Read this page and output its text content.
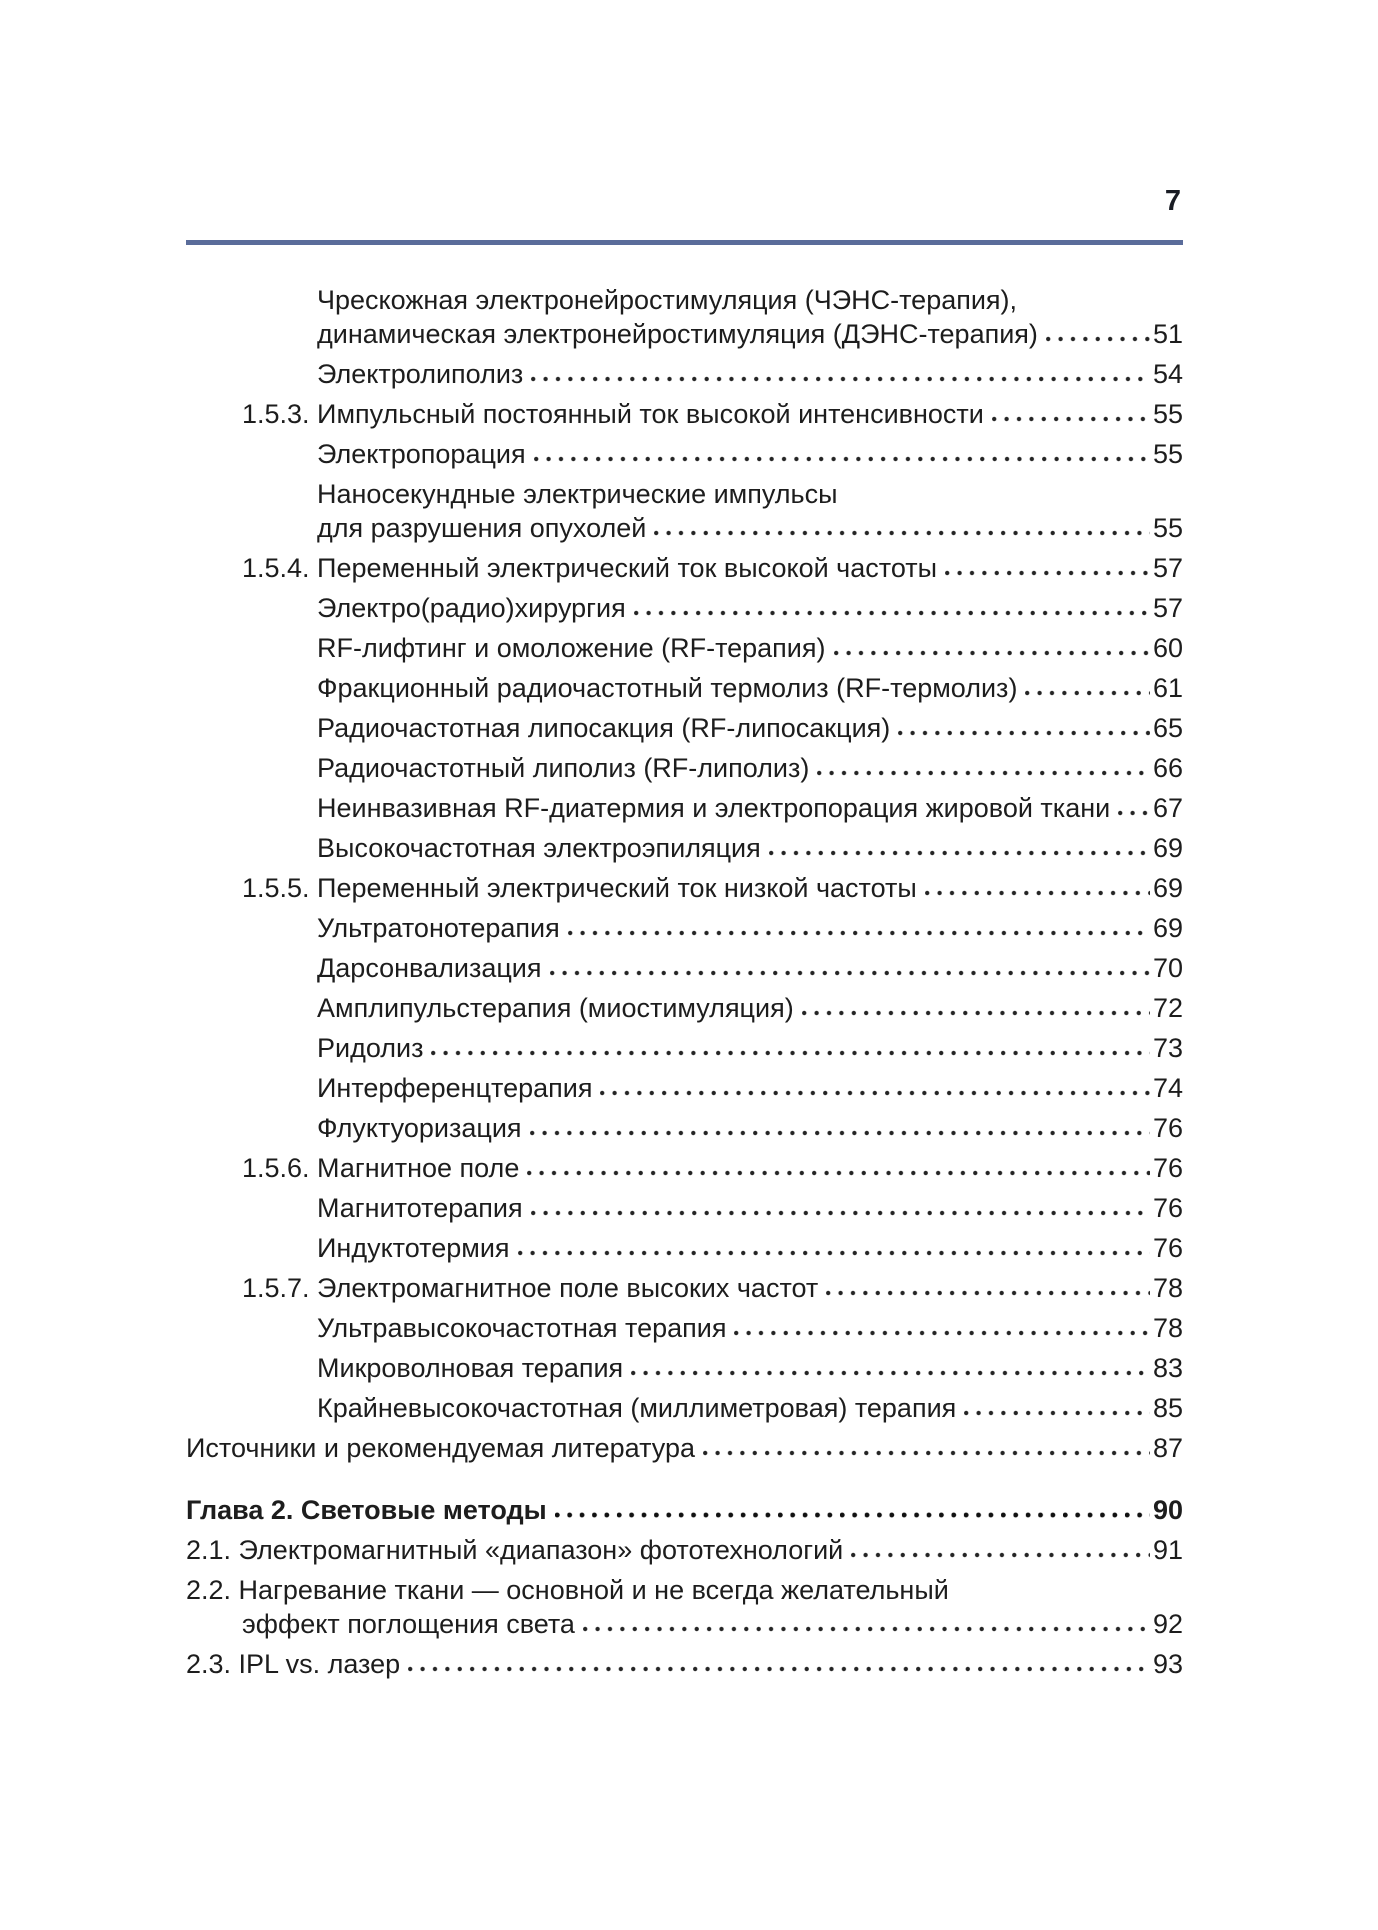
7
Чрескожная электронейростимуляция (ЧЭНС-терапия),
динамическая электронейростимуляция (ДЭНС-терапия)	51
Электролиполиз	54
1.5.3. Импульсный постоянный ток высокой интенсивности	55
Электропорация	55
Наносекундные электрические импульсы
для разрушения опухолей	55
1.5.4. Переменный электрический ток высокой частоты	57
Электро(радио)хирургия	57
RF-лифтинг и омоложение (RF-терапия)	60
Фракционный радиочастотный термолиз (RF-термолиз)	61
Радиочастотная липосакция (RF-липосакция)	65
Радиочастотный липолиз (RF-липолиз)	66
Неинвазивная RF-диатермия и электропорация жировой ткани 67
Высокочастотная электроэпиляция	69
1.5.5. Переменный электрический ток низкой частоты	69
Ультратонотерапия	69
Дарсонвализация	70
Амплипульстерапия (миостимуляция)	72
Ридолиз	73
Интерференцтерапия	74
Флуктуоризация	76
1.5.6. Магнитное поле	76
Магнитотерапия	76
Индуктотермия	76
1.5.7. Электромагнитное поле высоких частот	78
Ультравысокочастотная терапия	78
Микроволновая терапия	83
Крайневысокочастотная (миллиметровая) терапия	85
Источники и рекомендуемая литература	87
Глава 2. Световые методы	90
2.1. Электромагнитный «диапазон» фототехнологий	91
2.2. Нагревание ткани — основной и не всегда желательный
эффект поглощения света	92
2.3. IPL vs. лазер	93
